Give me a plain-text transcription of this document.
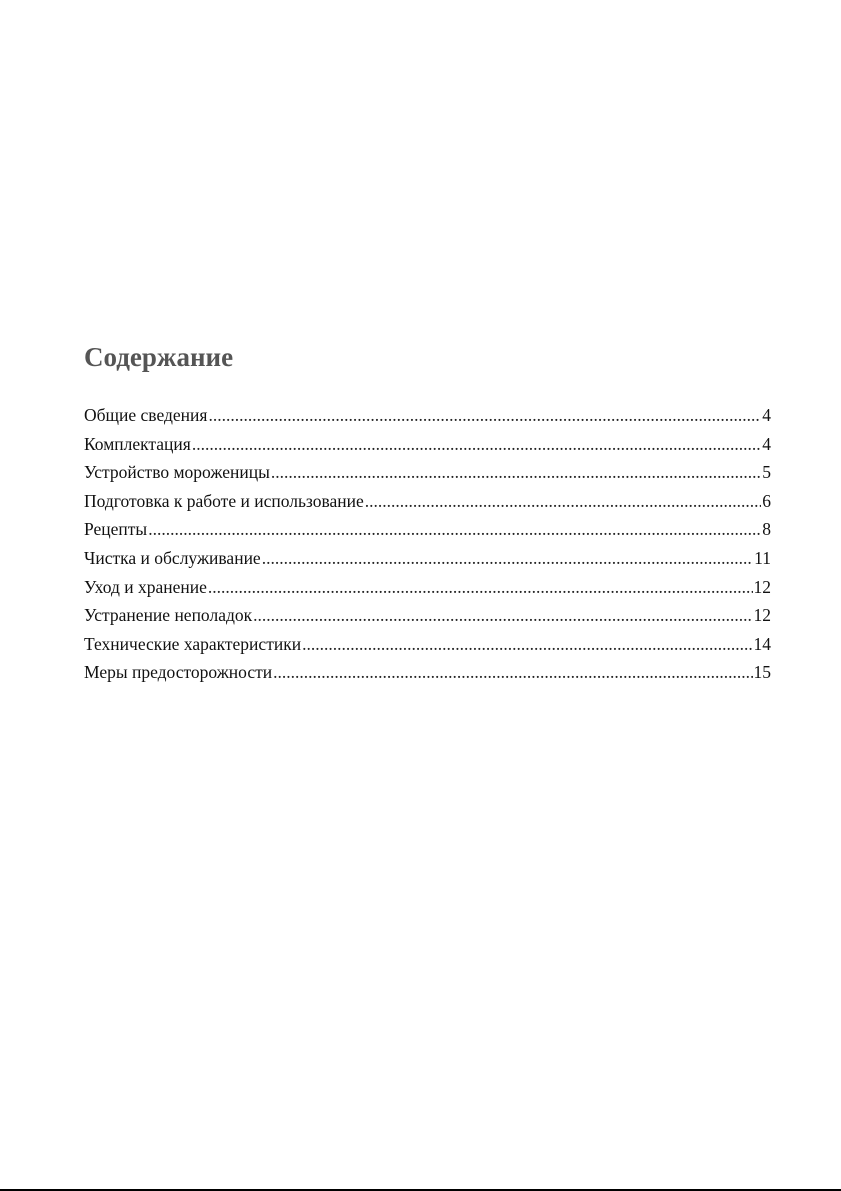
Содержание
Общие сведения .....	4
Комплектация .....	4
Устройство мороженицы .....	5
Подготовка к работе и использование .....	6
Рецепты .....	8
Чистка и обслуживание .....	11
Уход и хранение .....	12
Устранение неполадок .....	12
Технические характеристики .....	14
Меры предосторожности .....	15
